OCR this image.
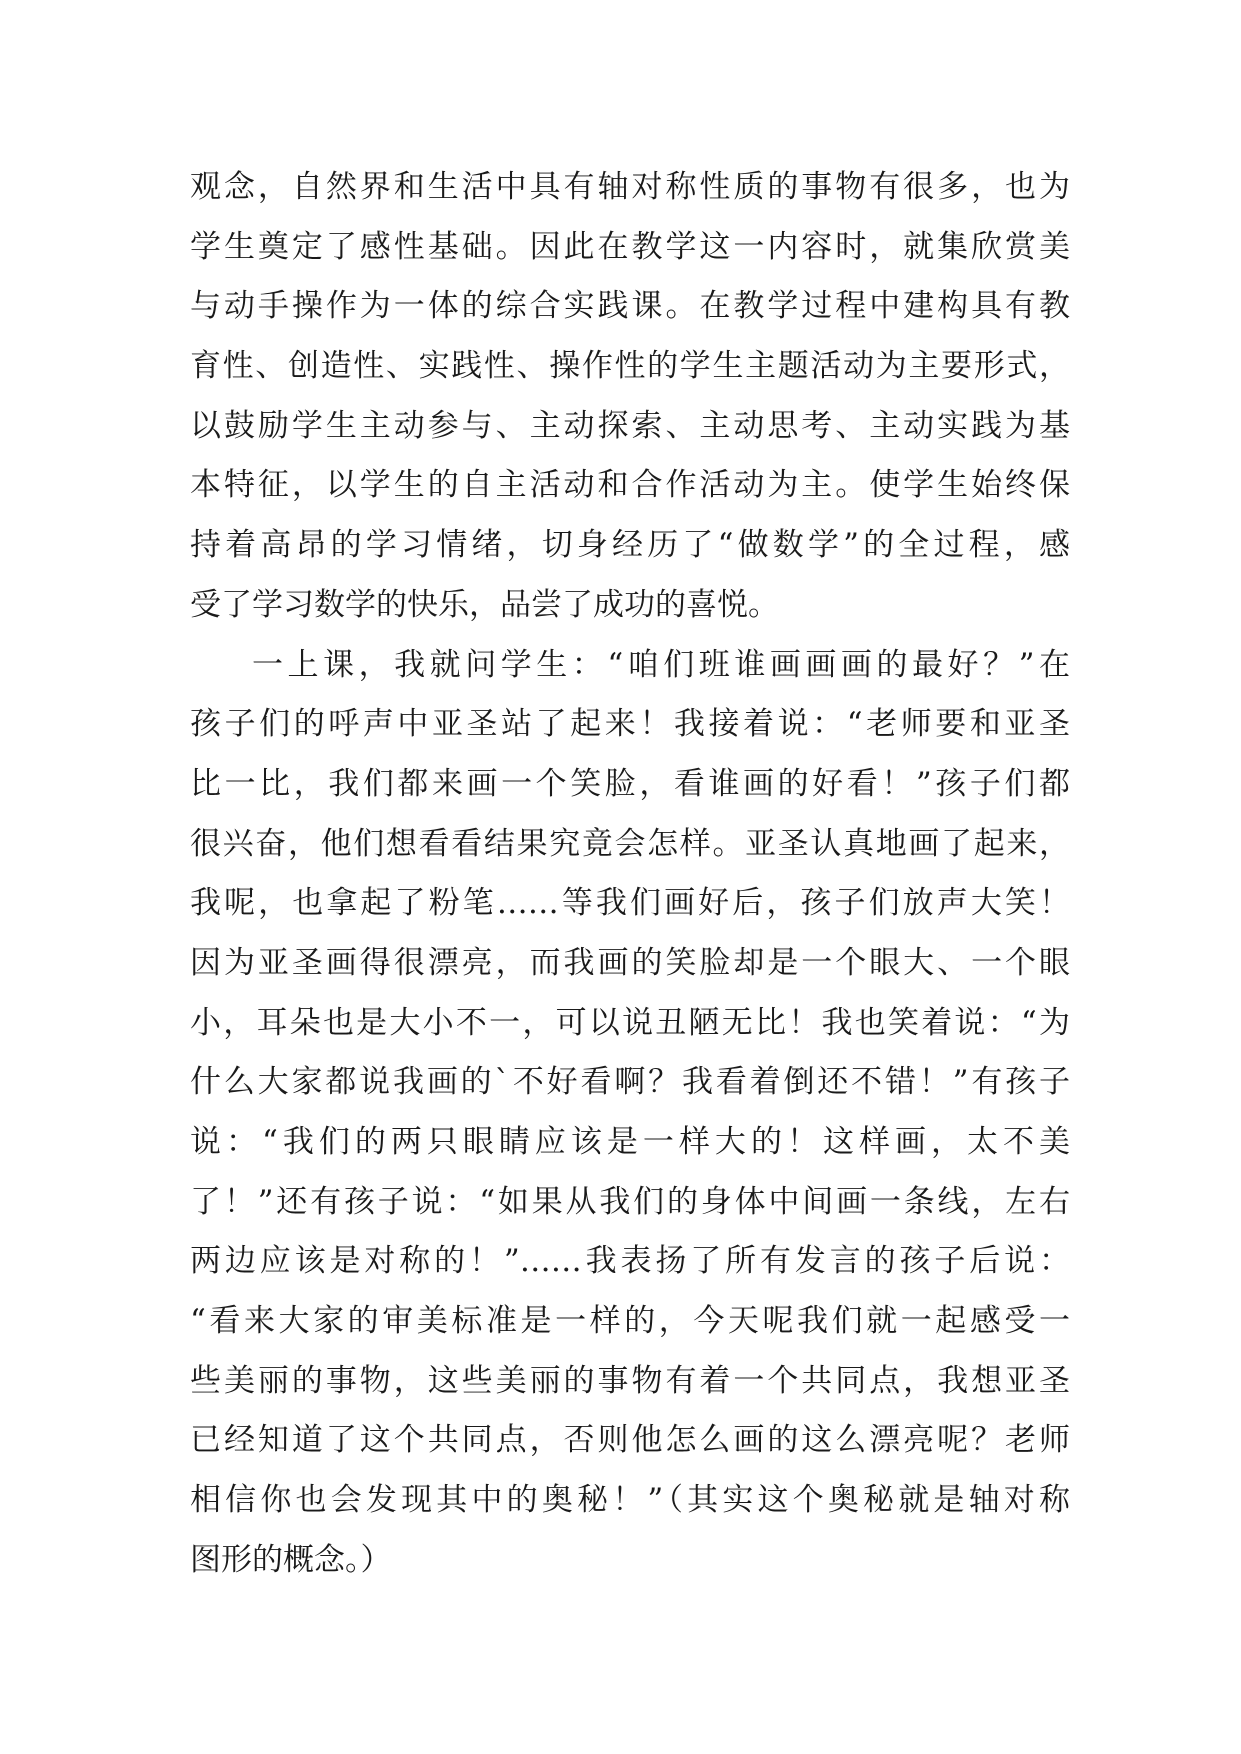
观念，自然界和生活中具有轴对称性质的事物有很多，也为
学生奠定了感性基础。因此在教学这一内容时，就集欣赏美
与动手操作为一体的综合实践课。在教学过程中建构具有教
育性、创造性、实践性、操作性的学生主题活动为主要形式，
以鼓励学生主动参与、主动探索、主动思考、主动实践为基
本特征，以学生的自主活动和合作活动为主。使学生始终保
持着高昂的学习情绪，切身经历了“做数学”的全过程，感
受了学习数学的快乐，品尝了成功的喜悦。
一上课，我就问学生：“咱们班谁画画画的最好？”在
孩子们的呼声中亚圣站了起来！我接着说：“老师要和亚圣
比一比，我们都来画一个笑脸，看谁画的好看！”孩子们都
很兴奋，他们想看看结果究竟会怎样。亚圣认真地画了起来，
我呢，也拿起了粉笔……等我们画好后，孩子们放声大笑！
因为亚圣画得很漂亮，而我画的笑脸却是一个眼大、一个眼
小，耳朵也是大小不一，可以说丑陋无比！我也笑着说：“为
什么大家都说我画的`不好看啊？我看着倒还不错！”有孩子
说：“我们的两只眼睛应该是一样大的！这样画，太不美
了！”还有孩子说：“如果从我们的身体中间画一条线，左右
两边应该是对称的！”……我表扬了所有发言的孩子后说：
“看来大家的审美标准是一样的，今天呢我们就一起感受一
些美丽的事物，这些美丽的事物有着一个共同点，我想亚圣
已经知道了这个共同点，否则他怎么画的这么漂亮呢？老师
相信你也会发现其中的奥秘！”（其实这个奥秘就是轴对称
图形的概念。）
